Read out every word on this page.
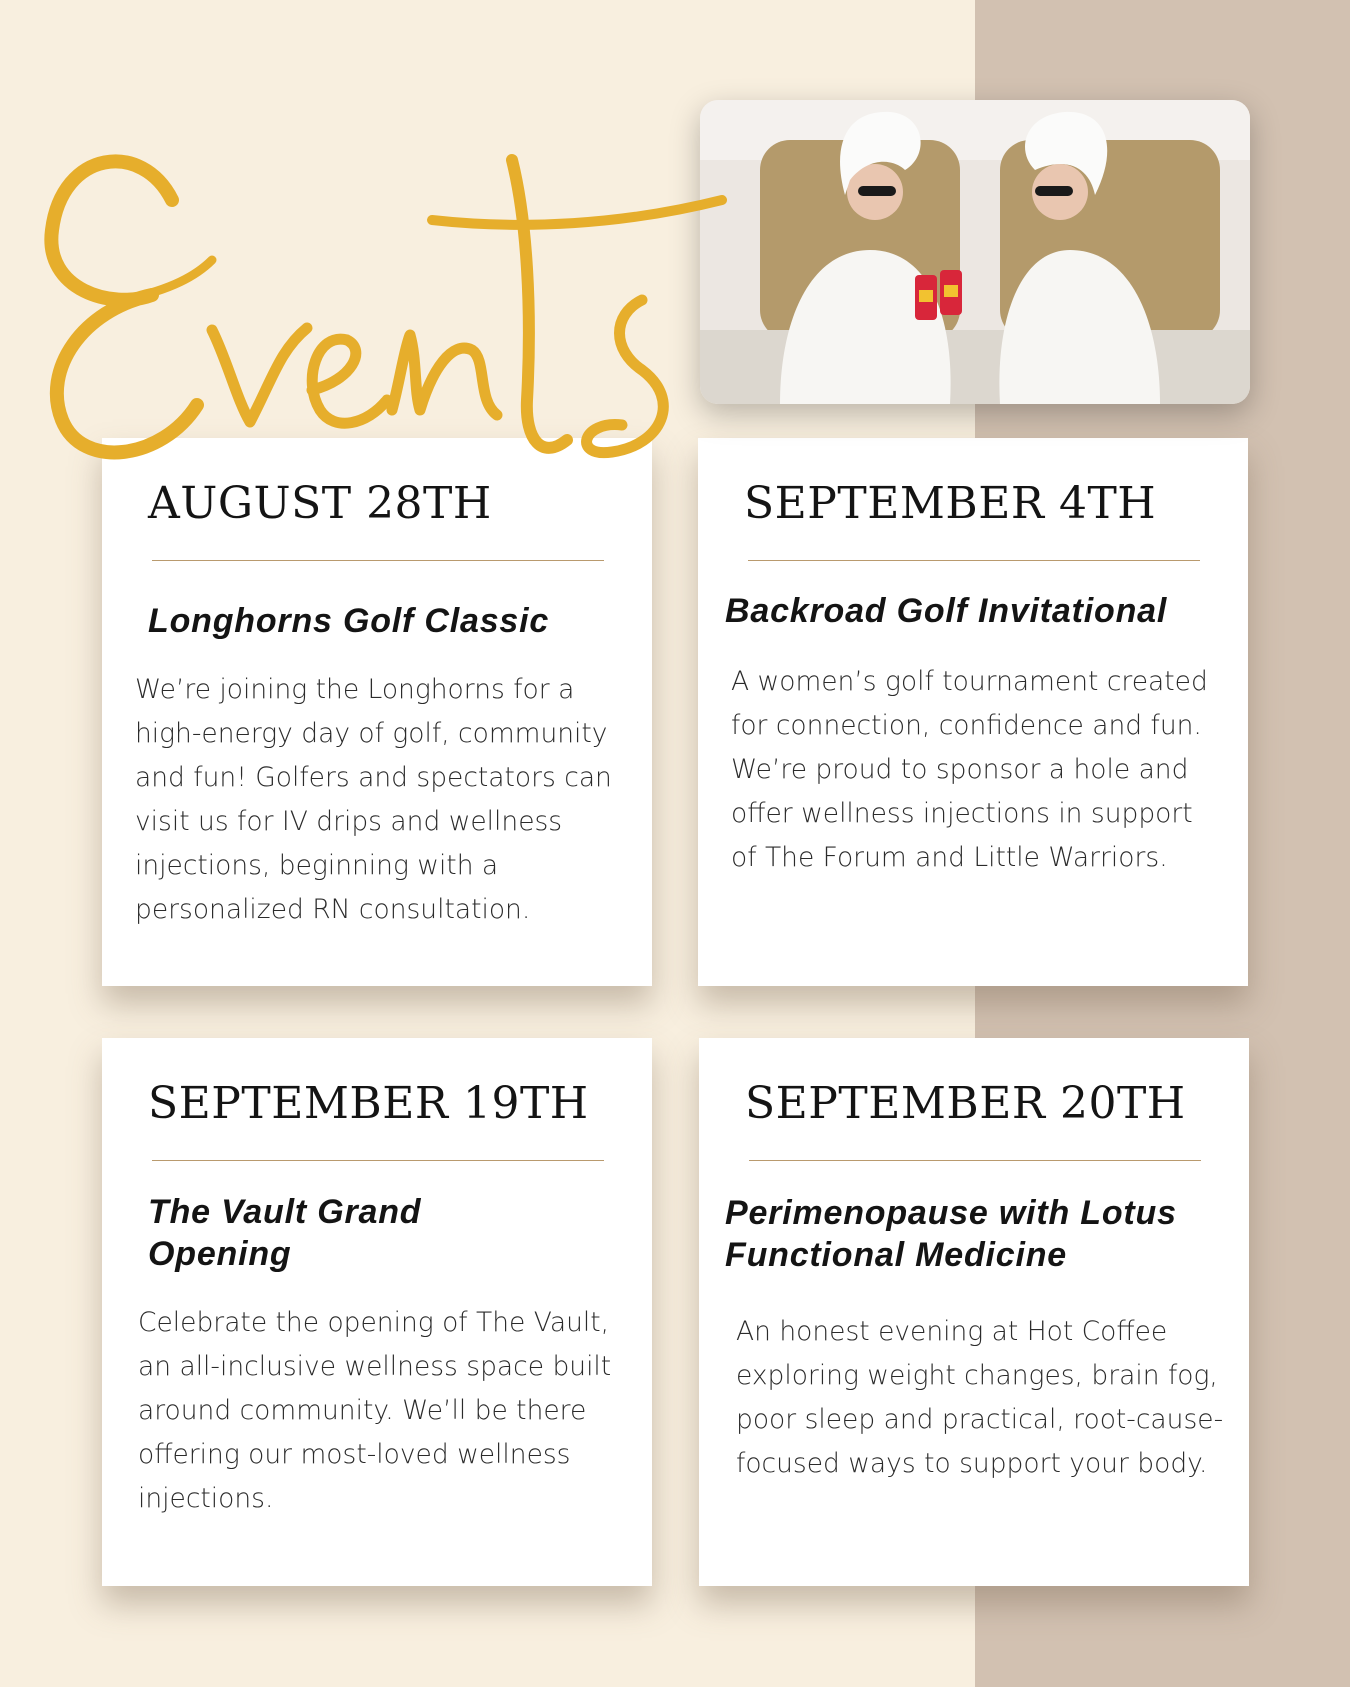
AUGUST 28TH
Longhorns Golf Classic
We’re joining the Longhorns for a high-energy day of golf, community and fun! Golfers and spectators can visit us for IV drips and wellness injections, beginning with a personalized RN consultation.
SEPTEMBER 4TH
Backroad Golf Invitational
A women’s golf tournament created for connection, confidence and fun. We’re proud to sponsor a hole and offer wellness injections in support of The Forum and Little Warriors.
SEPTEMBER 19TH
The Vault Grand Opening
Celebrate the opening of The Vault, an all-inclusive wellness space built around community. We’ll be there offering our most-loved wellness injections.
SEPTEMBER 20TH
Perimenopause with Lotus Functional Medicine
An honest evening at Hot Coffee exploring weight changes, brain fog, poor sleep and practical, root-cause-focused ways to support your body.
